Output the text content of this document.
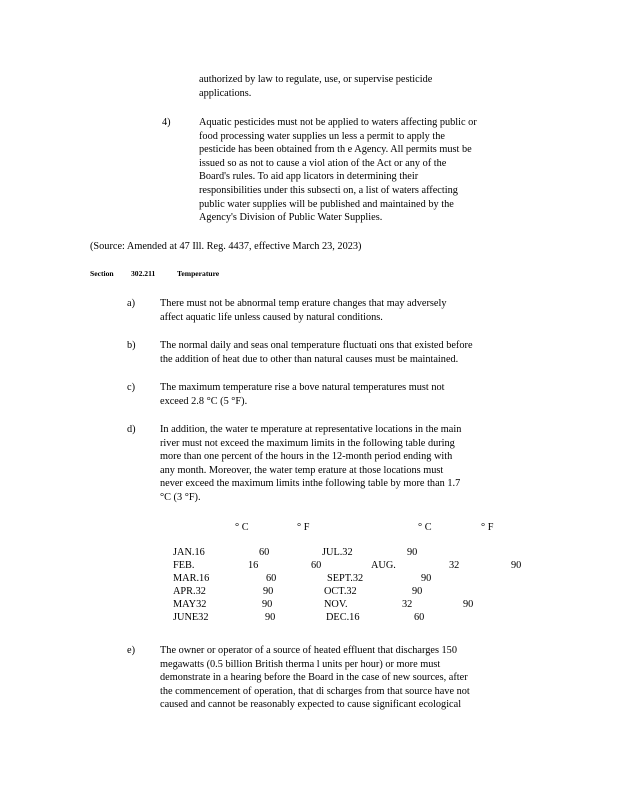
authorized by law to regulate, use, or supervise pesticide
applications.
4)	Aquatic pesticides must not be applied to waters affecting public or
food processing water supplies un less a permit to apply the
pesticide has been obtained from th e Agency. All permits must be
issued so as not to cause a viol ation of the Act or any of the
Board's rules. To aid app licators in determining their
responsibilities under this subsecti on, a list of waters affecting
public water supplies will be published and maintained by the
Agency's Division of Public Water Supplies.
(Source: Amended at 47 Ill. Reg. 4437, effective March 23, 2023)
Section 302.211	Temperature
a) There must not be abnormal temp erature changes that may adversely
affect aquatic life unless caused by natural conditions.
b) The normal daily and seas onal temperature fluctuati ons that existed before
the addition of heat due to other than natural causes must be maintained.
c) The maximum temperature rise a bove natural temperatures must not
exceed 2.8 °C (5 °F).
d) In addition, the water te mperature at representative locations in the main
river must not exceed the maximum limits in the following table during
more than one percent of the hours in the 12-month period ending with
any month. Moreover, the water temp erature at those locations must
never exceed the maximum limits inthe following table by more than 1.7
°C (3 °F).
° C	° F	° C	° F
JAN.16	60	JUL.32	90
FEB.	16	60	AUG.	32	90
MAR.16	60	SEPT.32	90
APR.32	90	OCT.32	90
MAY32	90	NOV.	32	90
JUNE32	90	DEC.16	60
e) The owner or operator of a source of heated effluent that discharges 150
megawatts (0.5 billion British therma l units per hour) or more must
demonstrate in a hearing before the Board in the case of new sources, after
the commencement of operation, that di scharges from that source have not
caused and cannot be reasonably expected to cause significant ecological
